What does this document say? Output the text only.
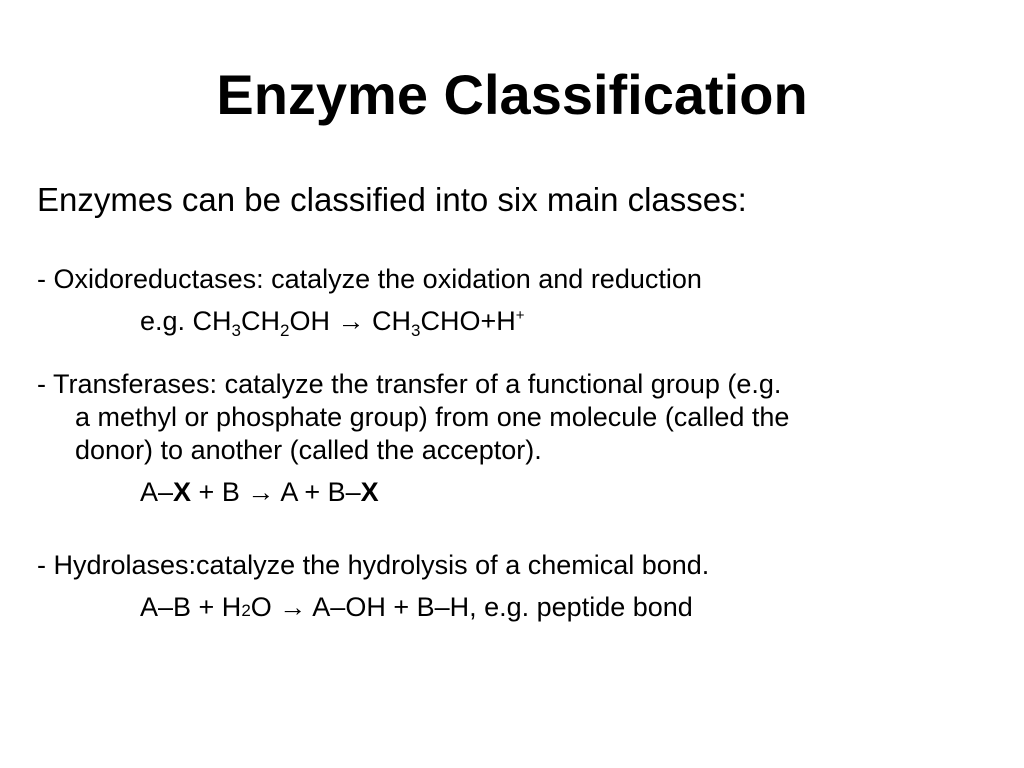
Enzyme Classification
Enzymes can be classified into six main classes:
- Oxidoreductases: catalyze the oxidation and reduction
e.g. $CH_3CH_2OH \to CH_3CHO+H^+$
- Transferases: catalyze the transfer of a functional group (e.g.
a methyl or phosphate group) from one molecule (called the
donor) to another (called the acceptor).
A–X + B → A + B–X
- Hydrolases:catalyze the hydrolysis of a chemical bond.
A–B + H2O → A–OH + B–H, e.g. peptide bond
